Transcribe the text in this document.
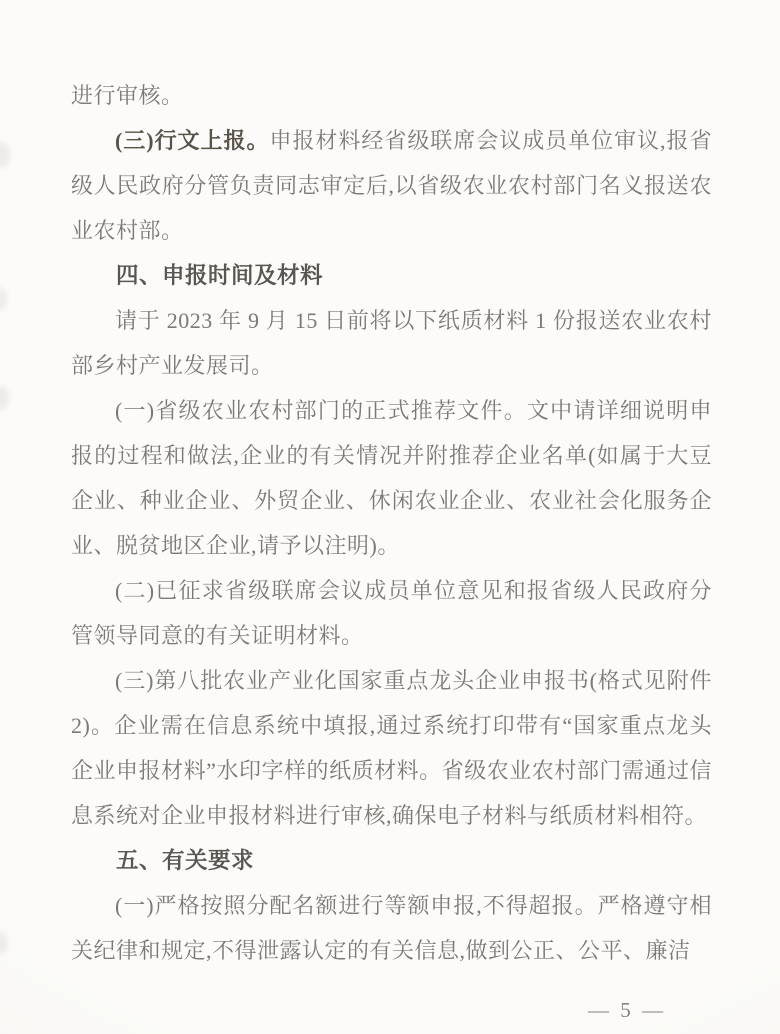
进行审核。

(三)行文上报。申报材料经省级联席会议成员单位审议,报省级人民政府分管负责同志审定后,以省级农业农村部门名义报送农业农村部。

四、申报时间及材料

请于 2023 年 9 月 15 日前将以下纸质材料 1 份报送农业农村部乡村产业发展司。

(一)省级农业农村部门的正式推荐文件。文中请详细说明申报的过程和做法,企业的有关情况并附推荐企业名单(如属于大豆企业、种业企业、外贸企业、休闲农业企业、农业社会化服务企业、脱贫地区企业,请予以注明)。

(二)已征求省级联席会议成员单位意见和报省级人民政府分管领导同意的有关证明材料。

(三)第八批农业产业化国家重点龙头企业申报书(格式见附件 2)。企业需在信息系统中填报,通过系统打印带有“国家重点龙头企业申报材料”水印字样的纸质材料。省级农业农村部门需通过信息系统对企业申报材料进行审核,确保电子材料与纸质材料相符。

五、有关要求

(一)严格按照分配名额进行等额申报,不得超报。严格遵守相关纪律和规定,不得泄露认定的有关信息,做到公正、公平、廉洁

— 5 —
